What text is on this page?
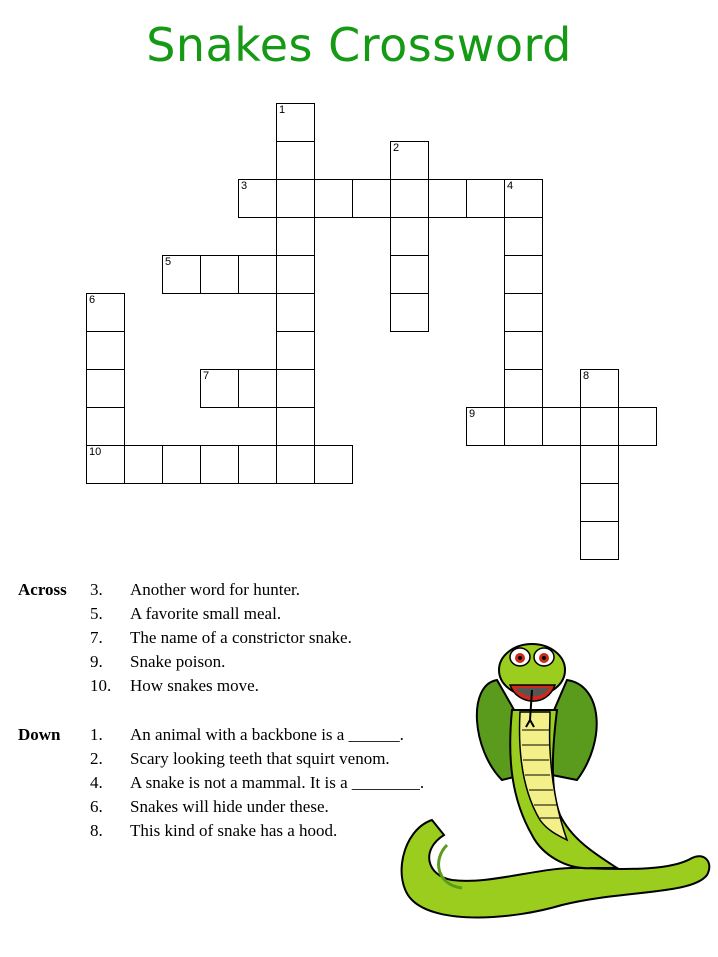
Snakes Crossword
1
2
3	4
5
6
10
7	8
9
Across 3. Another word for hunter.
5. A favorite small meal.
7. The name of a constrictor snake.
9. Snake poison.
10. How snakes move.
Down 1. An animal with a backbone is a ______.
2. Scary looking teeth that squirt venom.
4. A snake is not a mammal. It is a ________.
6. Snakes will hide under these.
8. This kind of snake has a hood.
